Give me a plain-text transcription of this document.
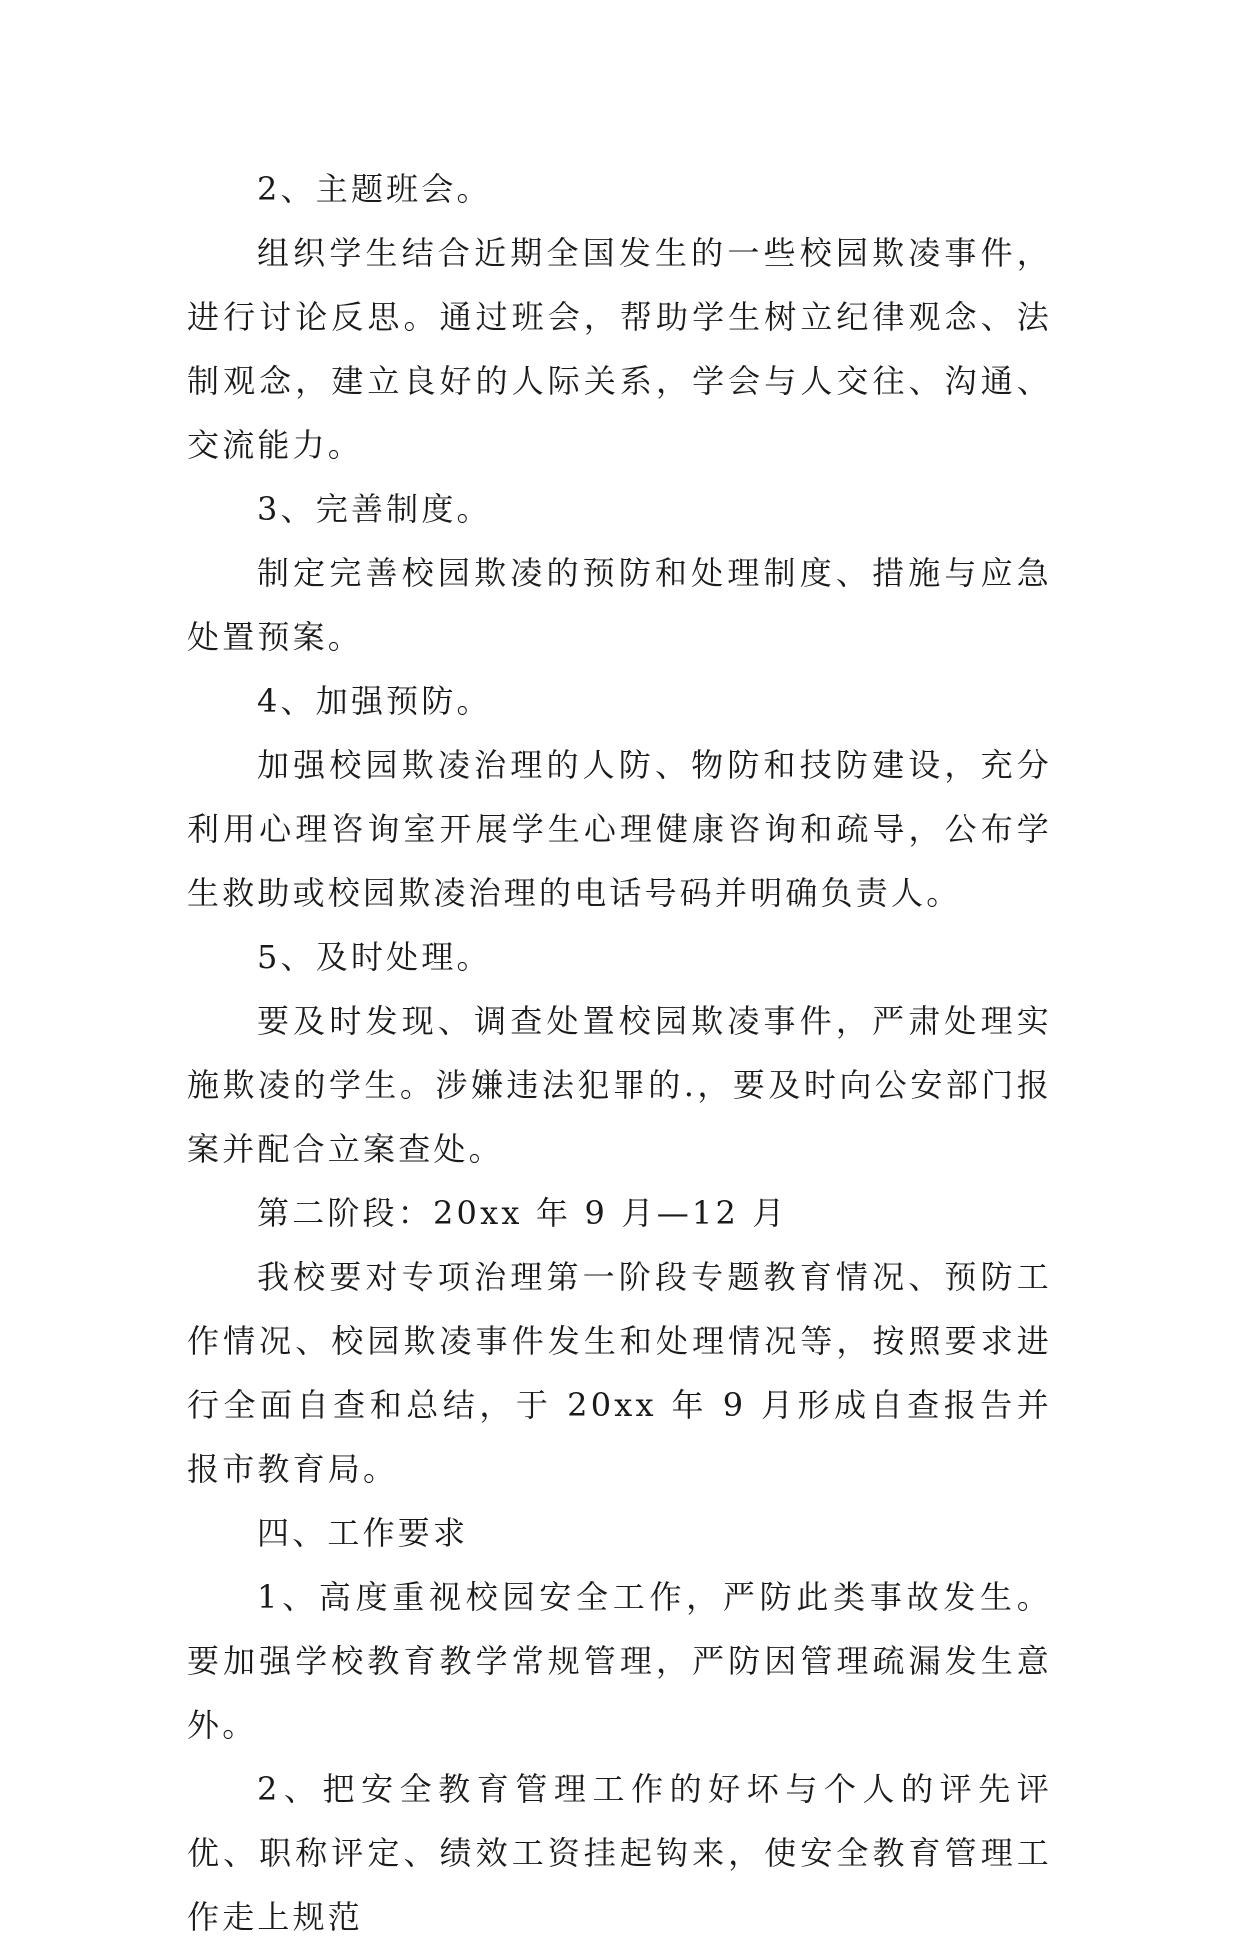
2、主题班会。

组织学生结合近期全国发生的一些校园欺凌事件，进行讨论反思。通过班会，帮助学生树立纪律观念、法制观念，建立良好的人际关系，学会与人交往、沟通、交流能力。

3、完善制度。

制定完善校园欺凌的预防和处理制度、措施与应急处置预案。

4、加强预防。

加强校园欺凌治理的人防、物防和技防建设，充分利用心理咨询室开展学生心理健康咨询和疏导，公布学生救助或校园欺凌治理的电话号码并明确负责人。

5、及时处理。

要及时发现、调查处置校园欺凌事件，严肃处理实施欺凌的学生。涉嫌违法犯罪的.，要及时向公安部门报案并配合立案查处。

第二阶段：20xx 年 9 月—12 月

我校要对专项治理第一阶段专题教育情况、预防工作情况、校园欺凌事件发生和处理情况等，按照要求进行全面自查和总结，于 20xx 年 9 月形成自查报告并报市教育局。

四、工作要求

1、高度重视校园安全工作，严防此类事故发生。要加强学校教育教学常规管理，严防因管理疏漏发生意外。

2、把安全教育管理工作的好坏与个人的评先评优、职称评定、绩效工资挂起钩来，使安全教育管理工作走上规范
